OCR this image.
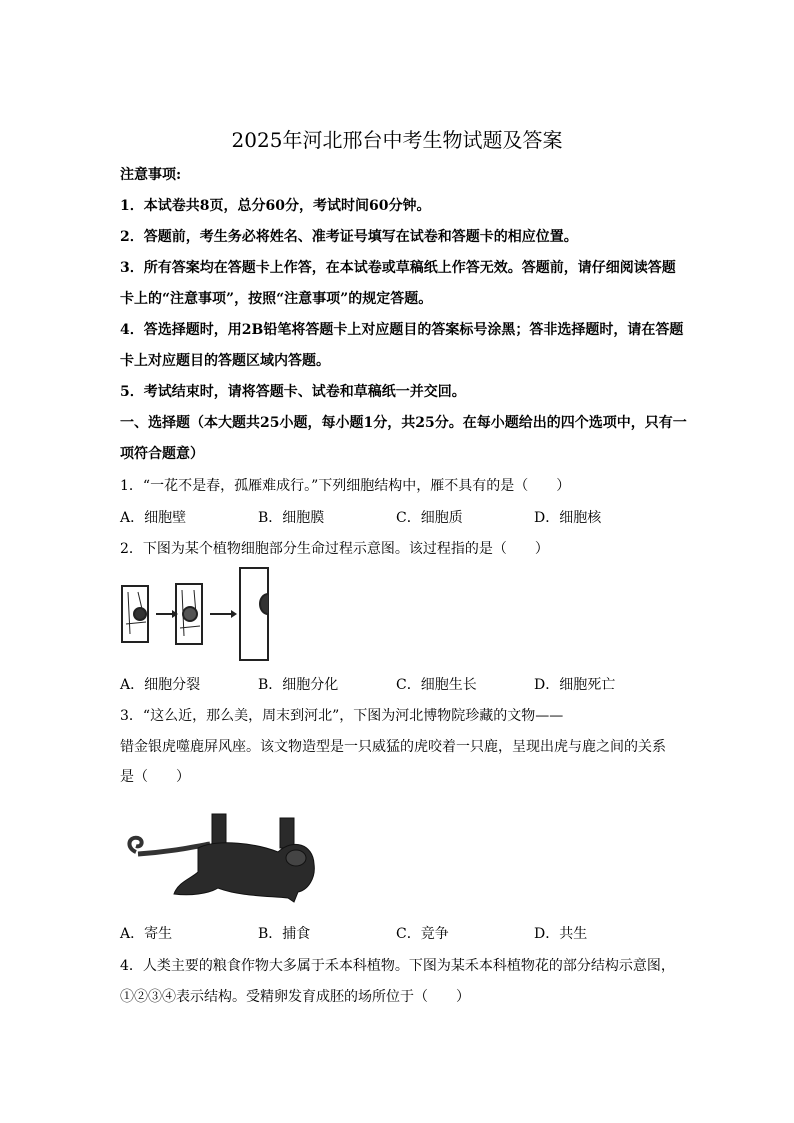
2025年河北邢台中考生物试题及答案
注意事项:
1．本试卷共8页，总分60分，考试时间60分钟。
2．答题前，考生务必将姓名、准考证号填写在试卷和答题卡的相应位置。
3．所有答案均在答题卡上作答，在本试卷或草稿纸上作答无效。答题前，请仔细阅读答题
卡上的“注意事项”，按照“注意事项”的规定答题。
4．答选择题时，用2B铅笔将答题卡上对应题目的答案标号涂黑；答非选择题时，请在答题
卡上对应题目的答题区域内答题。
5．考试结束时，请将答题卡、试卷和草稿纸一并交回。
一、选择题（本大题共25小题，每小题1分，共25分。在每小题给出的四个选项中，只有一
项符合题意）
1．“一花不是春，孤雁难成行。”下列细胞结构中，雁不具有的是（　　）
A．细胞壁	B．细胞膜	C．细胞质	D．细胞核
2．下图为某个植物细胞部分生命过程示意图。该过程指的是（　　）
A．细胞分裂	B．细胞分化	C．细胞生长	D．细胞死亡
3．“这么近，那么美，周末到河北”，下图为河北博物院珍藏的文物——
错金银虎噬鹿屏风座。该文物造型是一只威猛的虎咬着一只鹿，呈现出虎与鹿之间的关系
是（　　）
A．寄生	B．捕食	C．竞争	D．共生
4．人类主要的粮食作物大多属于禾本科植物。下图为某禾本科植物花的部分结构示意图，
①②③④表示结构。受精卵发育成胚的场所位于（　　）
